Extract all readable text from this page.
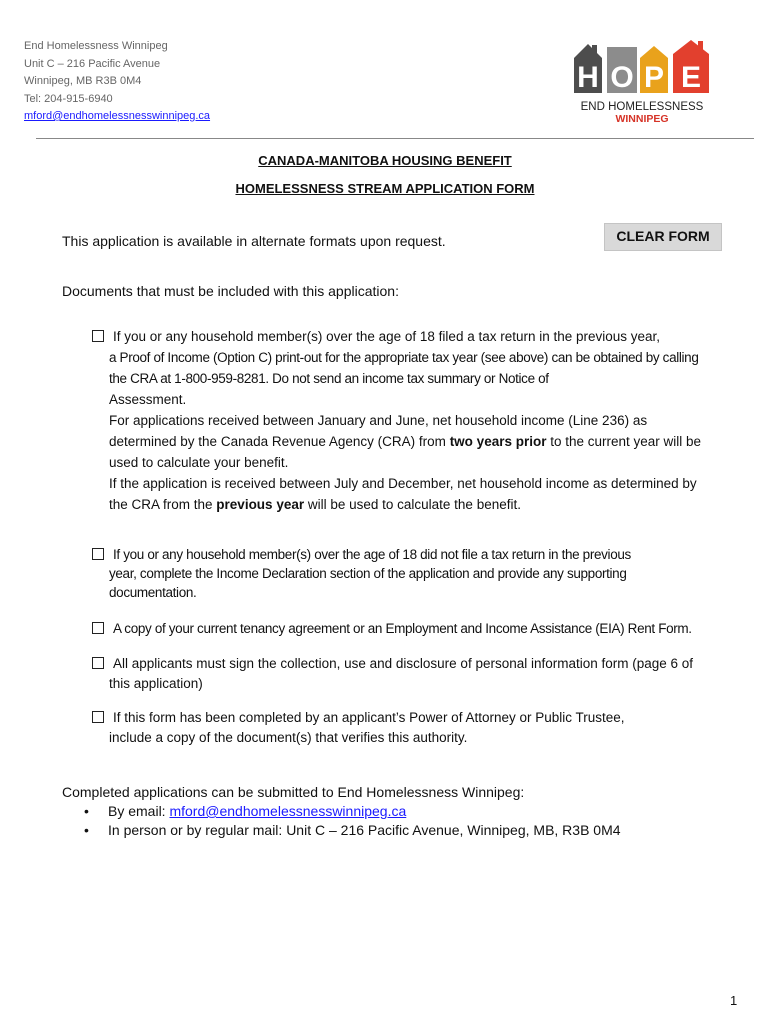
End Homelessness Winnipeg
Unit C – 216 Pacific Avenue
Winnipeg, MB R3B 0M4
Tel: 204-915-6940
mford@endhomelessnesswinnipeg.ca
H O P E
END HOMELESSNESS
WINNIPEG
CANADA-MANITOBA HOUSING BENEFIT
HOMELESSNESS STREAM APPLICATION FORM
This application is available in alternate formats upon request.	CLEAR FORM
Documents that must be included with this application:
If you or any household member(s) over the age of 18 filed a tax return in the previous year,
a Proof of Income (Option C) print-out for the appropriate tax year (see above) can be obtained by calling
the CRA at 1-800-959-8281. Do not send an income tax summary or Notice of
Assessment.
For applications received between January and June, net household income (Line 236) as
determined by the Canada Revenue Agency (CRA) from two years prior to the current year will be
used to calculate your benefit.
If the application is received between July and December, net household income as determined by
the CRA from the previous year will be used to calculate the benefit.
If you or any household member(s) over the age of 18 did not file a tax return in the previous
year, complete the Income Declaration section of the application and provide any supporting
documentation.
A copy of your current tenancy agreement or an Employment and Income Assistance (EIA) Rent Form.
All applicants must sign the collection, use and disclosure of personal information form (page 6 of
this application)
If this form has been completed by an applicant’s Power of Attorney or Public Trustee,
include a copy of the document(s) that verifies this authority.
Completed applications can be submitted to End Homelessness Winnipeg:
• By email: mford@endhomelessnesswinnipeg.ca
• In person or by regular mail: Unit C – 216 Pacific Avenue, Winnipeg, MB, R3B 0M4
1
